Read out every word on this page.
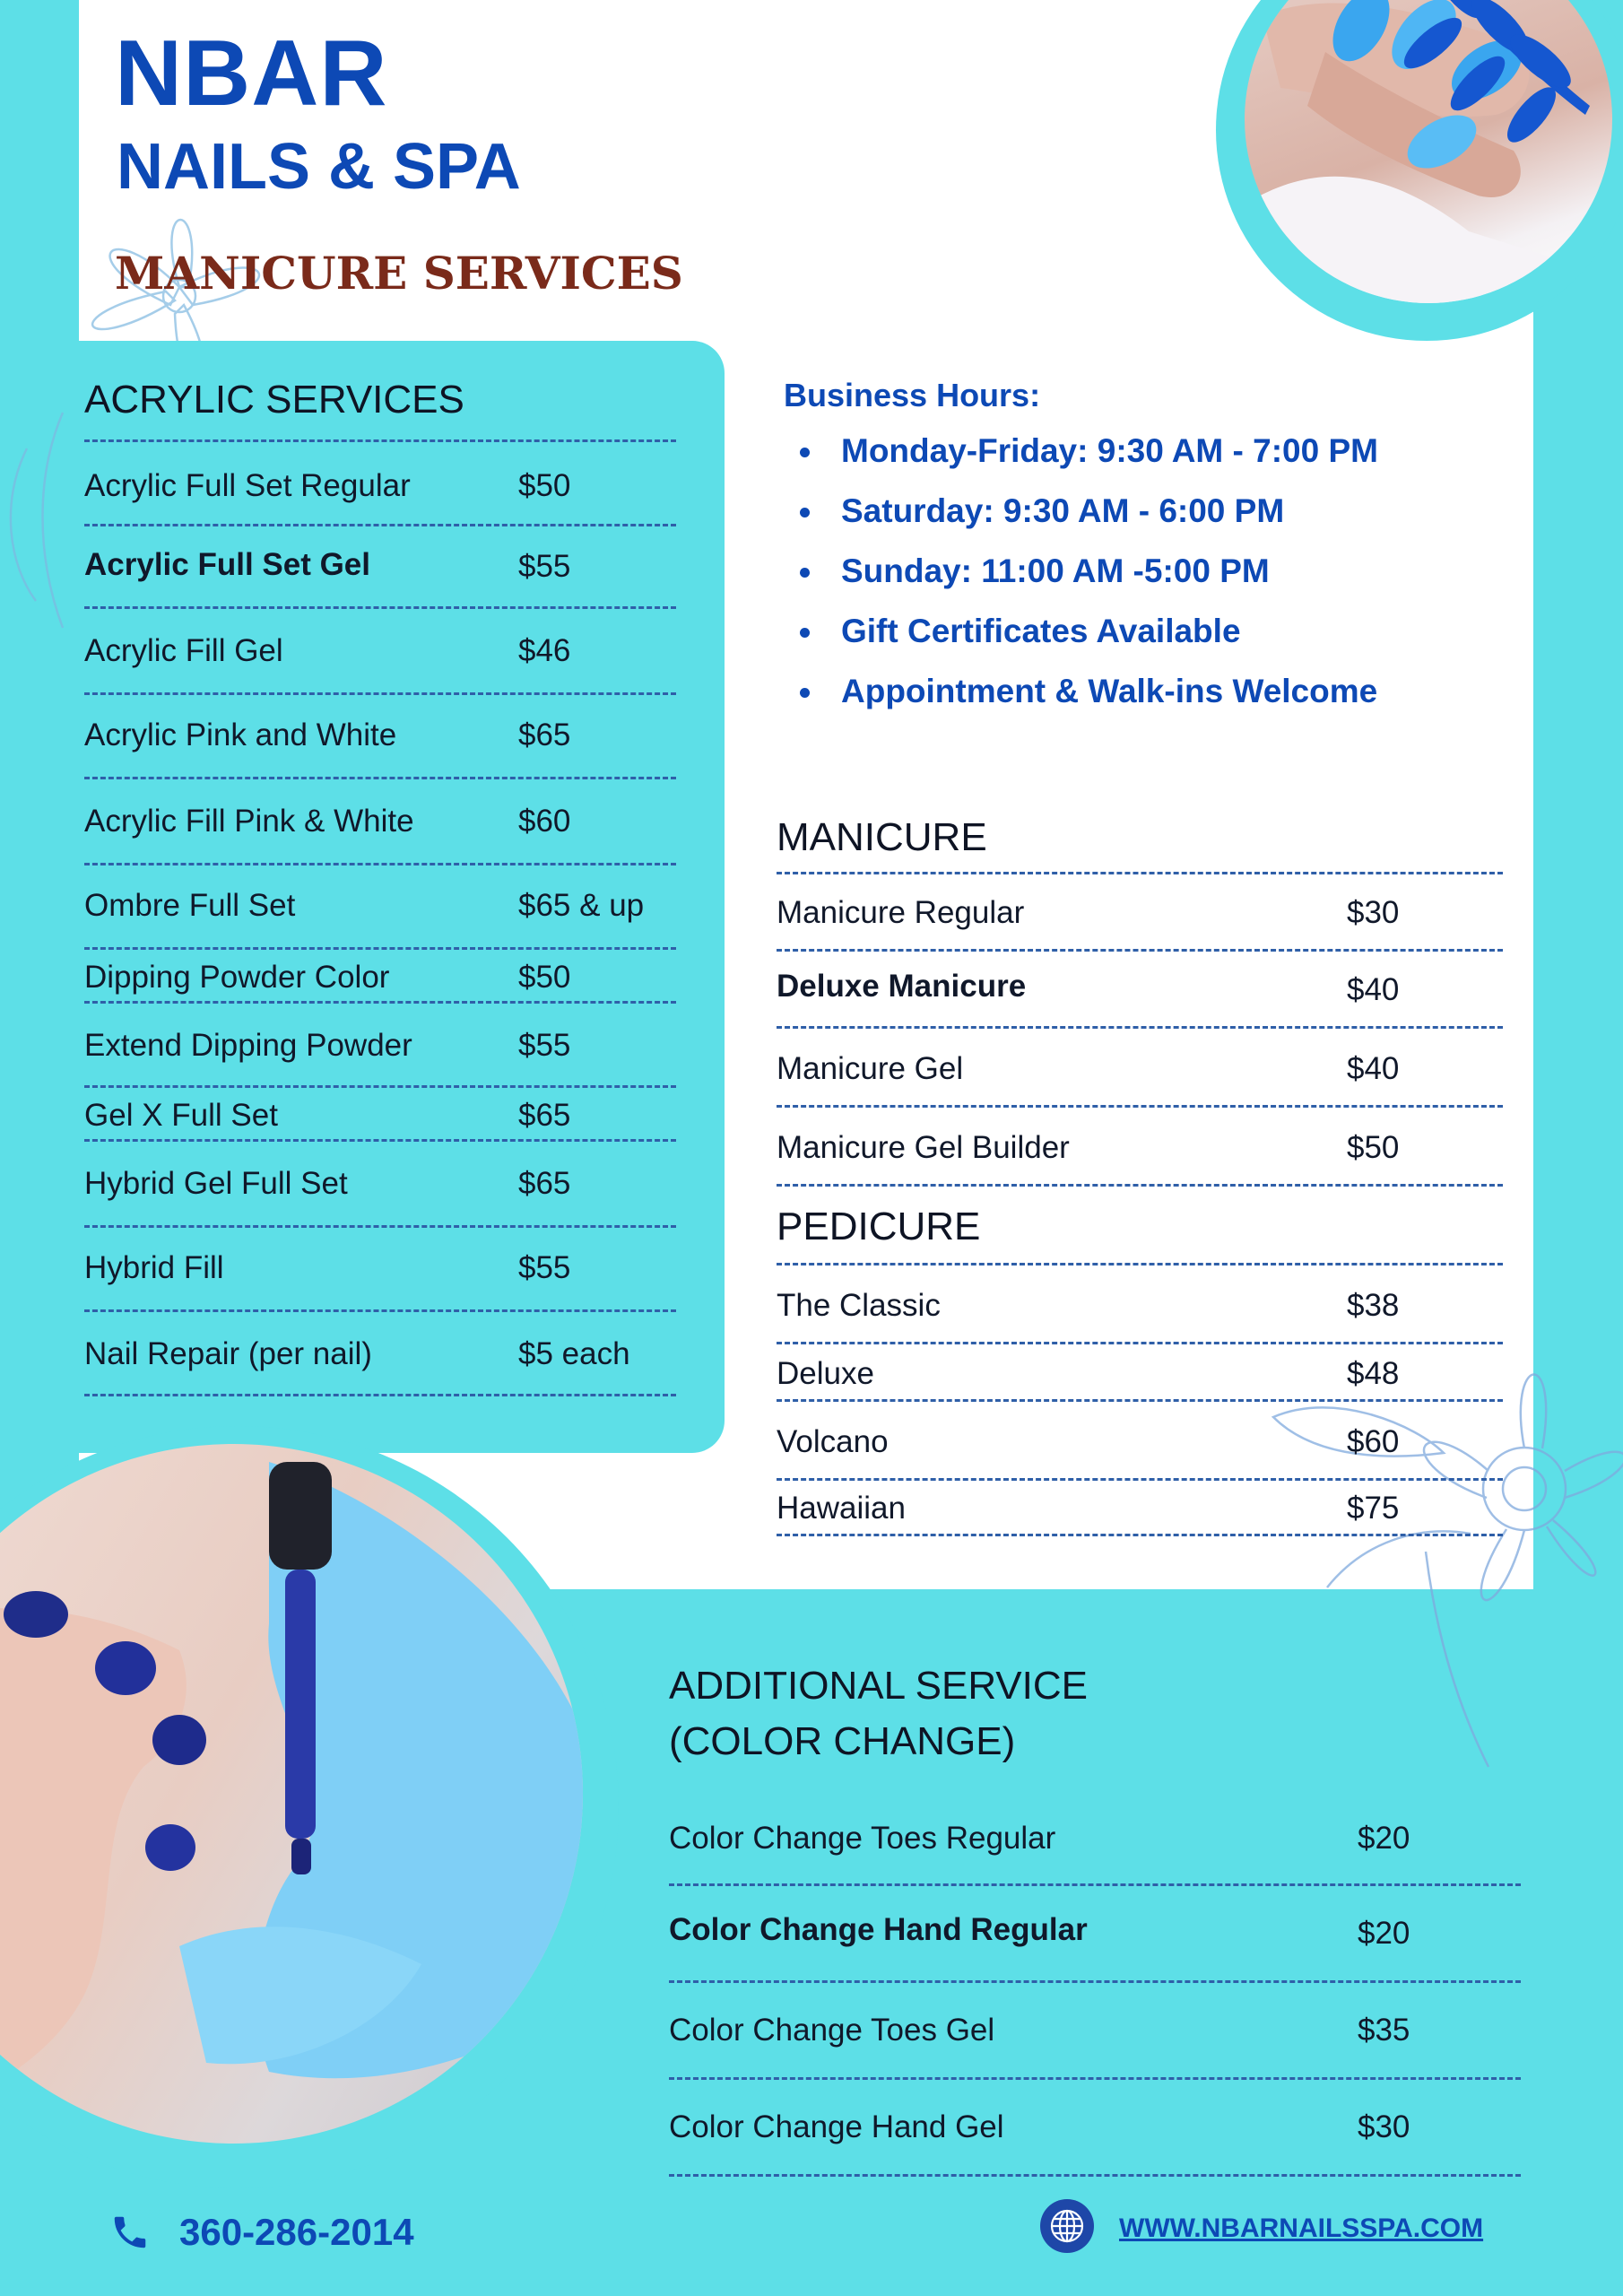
NBAR
NAILS & SPA
MANICURE SERVICES
ACRYLIC SERVICES
Acrylic Full Set Regular	$50
Acrylic Full Set Gel	$55
Acrylic Fill Gel	$46
Acrylic Pink and White	$65
Acrylic Fill Pink & White	$60
Ombre Full Set	$65 & up
Dipping Powder Color	$50
Extend Dipping Powder	$55
Gel X Full Set	$65
Hybrid Gel Full Set	$65
Hybrid Fill	$55
Nail Repair (per nail)	$5 each
Business Hours:
Monday-Friday: 9:30 AM - 7:00 PM
Saturday: 9:30 AM - 6:00 PM
Sunday: 11:00 AM -5:00 PM
Gift Certificates Available
Appointment & Walk-ins Welcome
MANICURE
Manicure Regular	$30
Deluxe Manicure	$40
Manicure Gel	$40
Manicure Gel Builder	$50
PEDICURE
The Classic	$38
Deluxe	$48
Volcano	$60
Hawaiian	$75
ADDITIONAL SERVICE
(COLOR CHANGE)
Color Change Toes Regular	$20
Color Change Hand Regular	$20
Color Change Toes Gel	$35
Color Change Hand Gel	$30
360-286-2014	WWW.NBARNAILSSPA.COM
